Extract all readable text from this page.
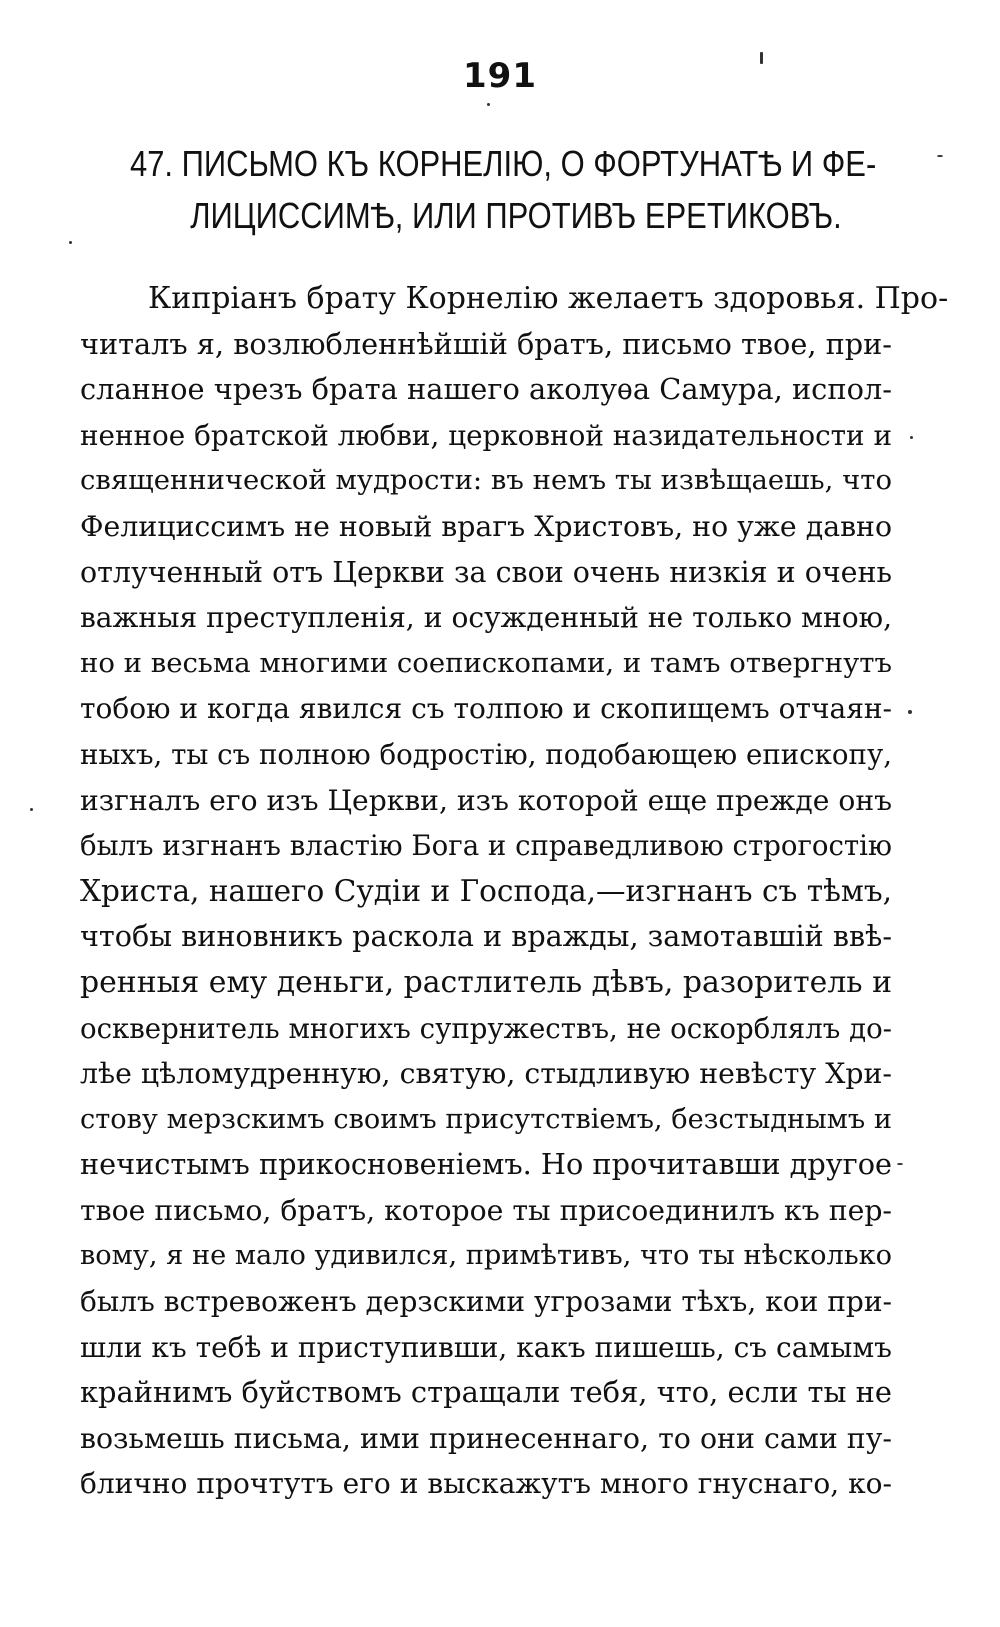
191
47. ПИСЬМО КЪ КОРНЕЛІЮ, О ФОРТУНАТѢ И ФЕ-
ЛИЦИССИМѢ, ИЛИ ПРОТИВЪ ЕРЕТИКОВЪ.
Кипріанъ брату Корнелію желаетъ здоровья. Про-
читалъ я, возлюбленнѣйшій братъ, письмо твое, при-
сланное чрезъ брата нашего аколуѳа Самура, испол-
ненное братской любви, церковной назидательности и
священнической мудрости: въ немъ ты извѣщаешь, что
Фелициссимъ не новый врагъ Христовъ, но уже давно
отлученный отъ Церкви за свои очень низкія и очень
важныя преступленія, и осужденный не только мною,
но и весьма многими соепископами, и тамъ отвергнутъ
тобою и когда явился съ толпою и скопищемъ отчаян-
ныхъ, ты съ полною бодростію, подобающею епископу,
изгналъ его изъ Церкви, изъ которой еще прежде онъ
былъ изгнанъ властію Бога и справедливою строгостію
Христа, нашего Судіи и Господа,—изгнанъ съ тѣмъ,
чтобы виновникъ раскола и вражды, замотавшій ввѣ-
ренныя ему деньги, растлитель дѣвъ, разоритель и
осквернитель многихъ супружествъ, не оскорблялъ до-
лѣе цѣломудренную, святую, стыдливую невѣсту Хри-
стову мерзскимъ своимъ присутствіемъ, безстыднымъ и
нечистымъ прикосновеніемъ. Но прочитавши другое
твое письмо, братъ, которое ты присоединилъ къ пер-
вому, я не мало удивился, примѣтивъ, что ты нѣсколько
былъ встревоженъ дерзскими угрозами тѣхъ, кои при-
шли къ тебѣ и приступивши, какъ пишешь, съ самымъ
крайнимъ буйствомъ стращали тебя, что, если ты не
возьмешь письма, ими принесеннаго, то они сами пу-
блично прочтутъ его и выскажутъ много гнуснаго, ко-
